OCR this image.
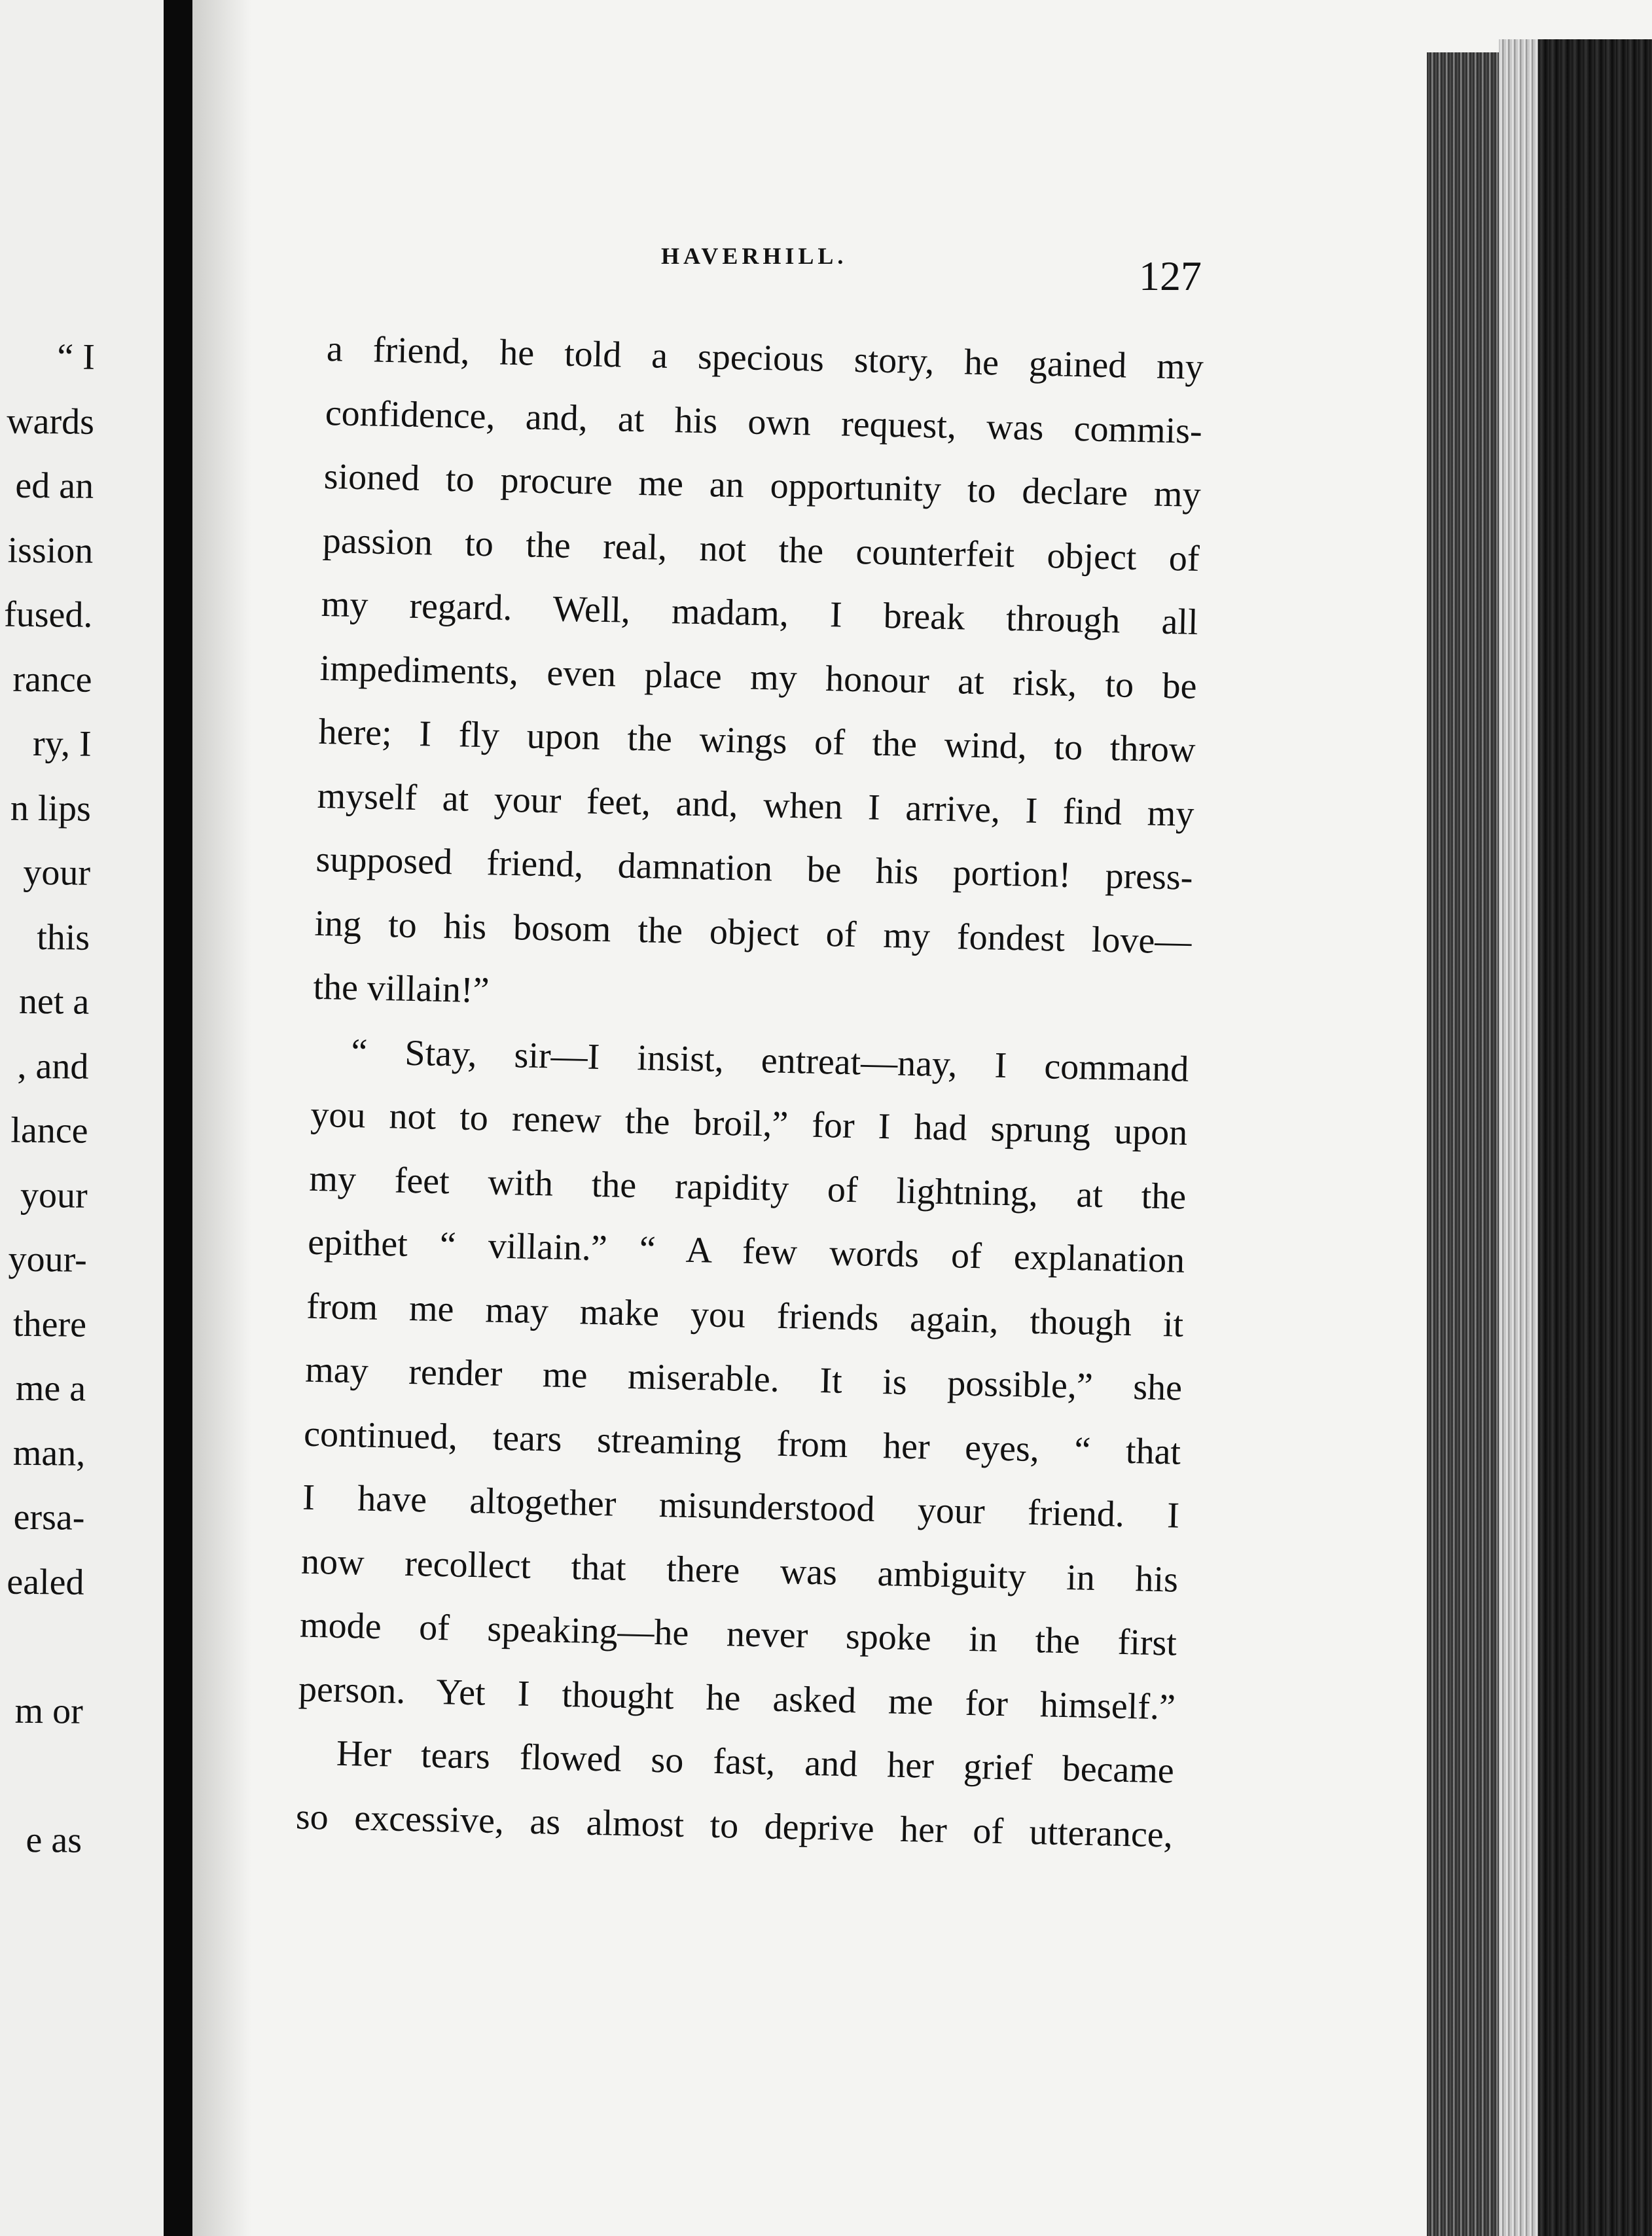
“ I
wards
ed an
ission
fused.
rance
ry, I
n lips
your
this
net a
, and
lance
your
your-
there
me a
man,
ersa-
ealed
m or
e as
HAVERHILL.	127
a friend, he told a specious story, he gained my
confidence, and, at his own request, was commis-
sioned to procure me an opportunity to declare my
passion to the real, not the counterfeit object of
my regard. Well, madam, I break through all
impediments, even place my honour at risk, to be
here; I fly upon the wings of the wind, to throw
myself at your feet, and, when I arrive, I find my
supposed friend, damnation be his portion! press-
ing to his bosom the object of my fondest love—
the villain!”
“ Stay, sir—I insist, entreat—nay, I command
you not to renew the broil,” for I had sprung upon
my feet with the rapidity of lightning, at the
epithet “ villain.” “ A few words of explanation
from me may make you friends again, though it
may render me miserable. It is possible,” she
continued, tears streaming from her eyes, “ that
I have altogether misunderstood your friend. I
now recollect that there was ambiguity in his
mode of speaking—he never spoke in the first
person. Yet I thought he asked me for himself.”
Her tears flowed so fast, and her grief became
so excessive, as almost to deprive her of utterance,
